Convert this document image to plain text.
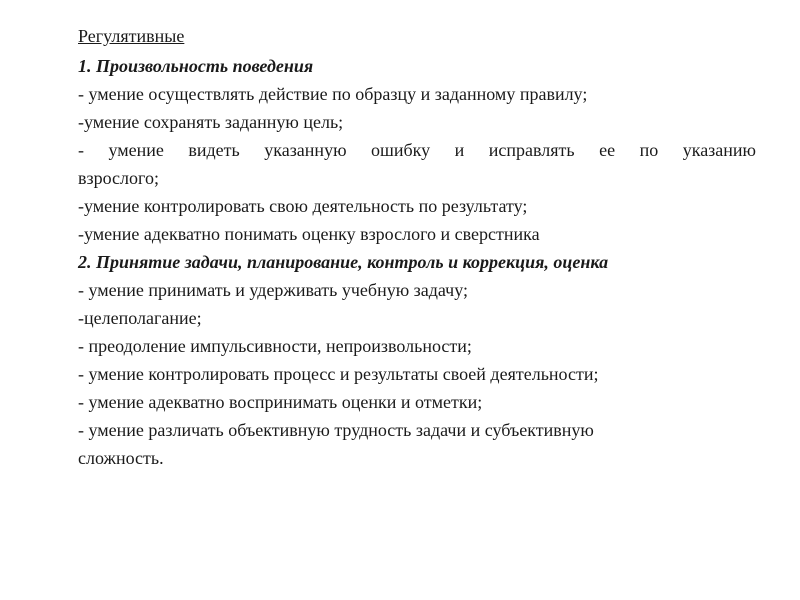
Регулятивные
1. Произвольность поведения
- умение осуществлять действие по образцу и заданному правилу;
-умение сохранять заданную цель;
- умение видеть указанную ошибку и исправлять ее по указанию
взрослого;
-умение контролировать свою деятельность по результату;
-умение адекватно понимать оценку взрослого и сверстника
2. Принятие задачи, планирование, контроль и коррекция, оценка
- умение принимать и удерживать учебную задачу;
-целеполагание;
- преодоление импульсивности, непроизвольности;
- умение контролировать процесс и результаты своей деятельности;
- умение адекватно воспринимать оценки и отметки;
- умение различать объективную трудность задачи и субъективную
сложность.
